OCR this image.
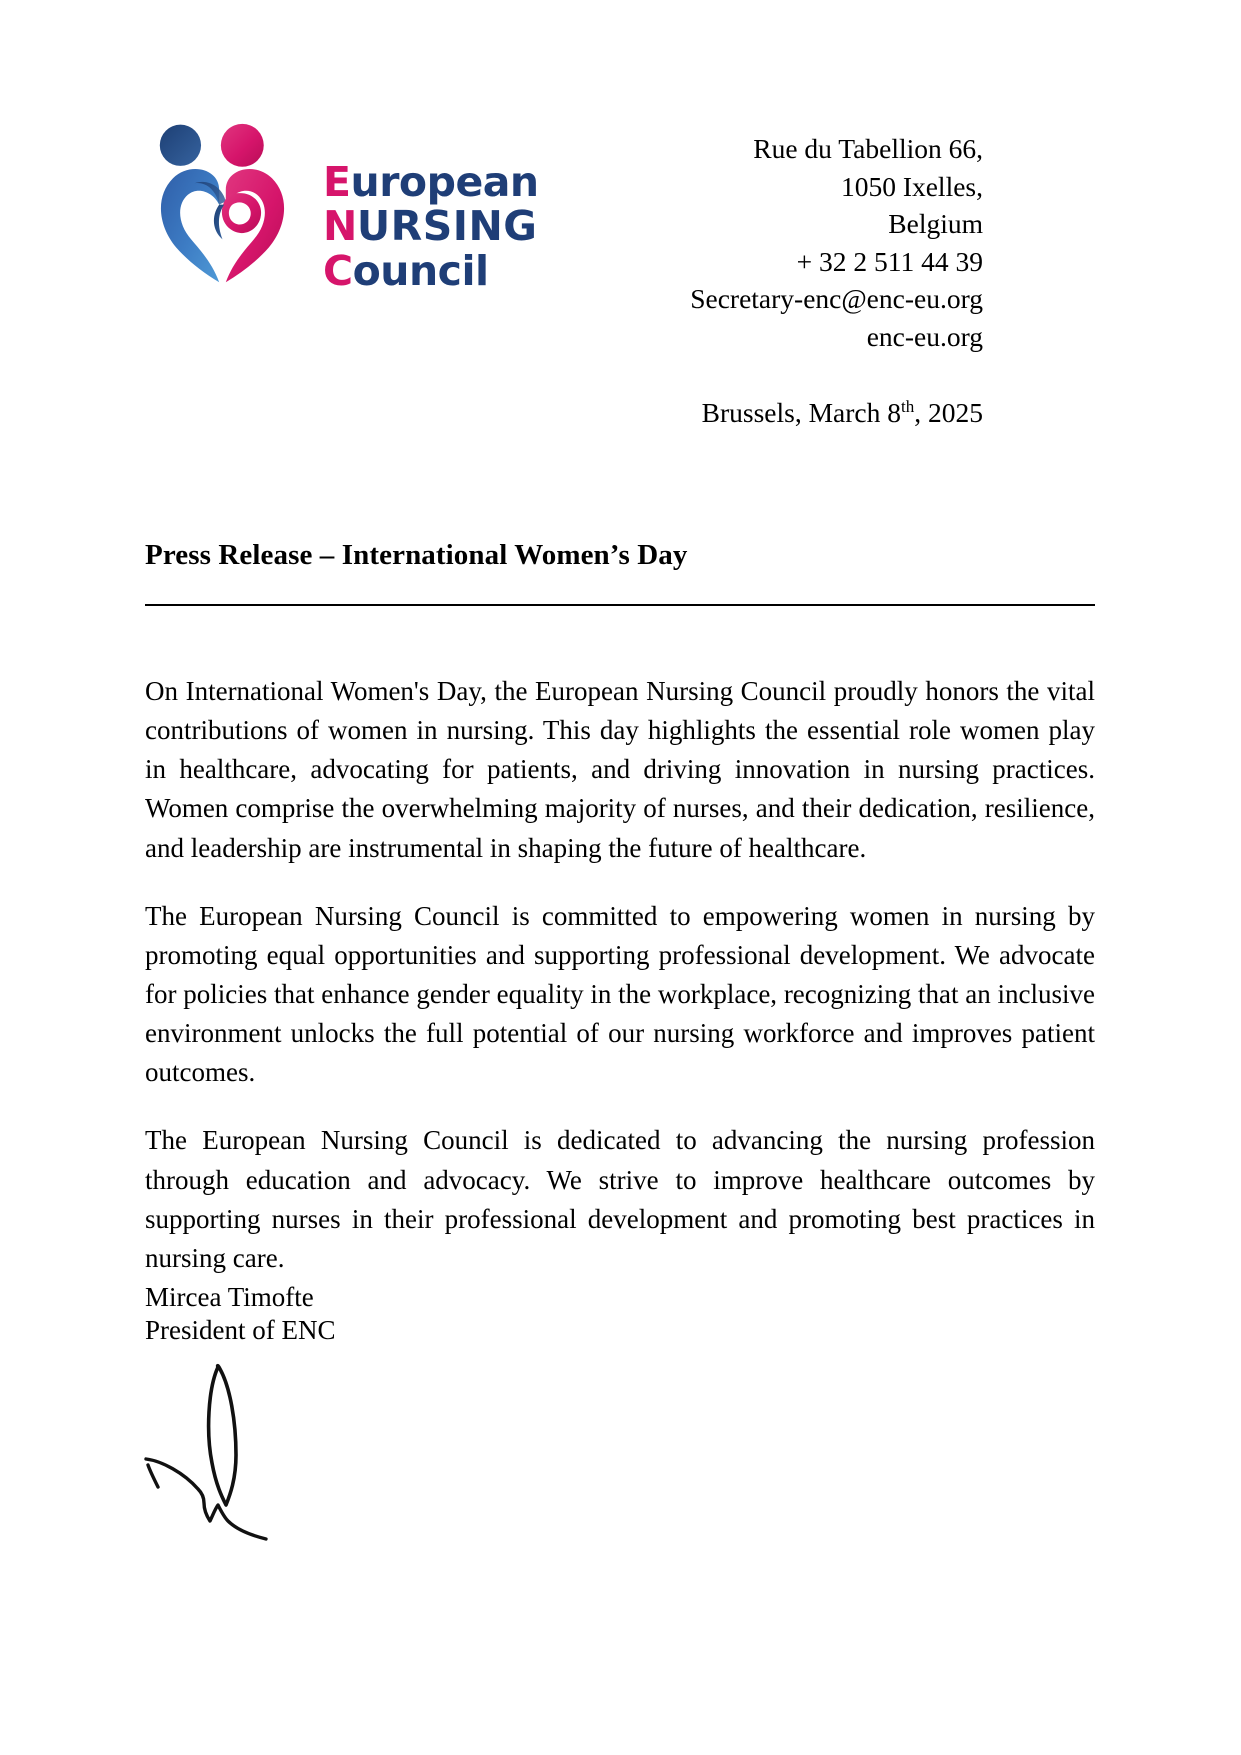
European
NURSING
Council
Rue du Tabellion 66,
1050 Ixelles,
Belgium
+ 32 2 511 44 39
Secretary-enc@enc-eu.org
enc-eu.org
Brussels, March 8th, 2025
Press Release – International Women’s Day

On International Women's Day, the European Nursing Council proudly honors the vital contributions of women in nursing. This day highlights the essential role women play in healthcare, advocating for patients, and driving innovation in nursing practices. Women comprise the overwhelming majority of nurses, and their dedication, resilience, and leadership are instrumental in shaping the future of healthcare.

The European Nursing Council is committed to empowering women in nursing by promoting equal opportunities and supporting professional development. We advocate for policies that enhance gender equality in the workplace, recognizing that an inclusive environment unlocks the full potential of our nursing workforce and improves patient outcomes.

The European Nursing Council is dedicated to advancing the nursing profession through education and advocacy. We strive to improve healthcare outcomes by supporting nurses in their professional development and promoting best practices in nursing care.

Mircea Timofte
President of ENC
